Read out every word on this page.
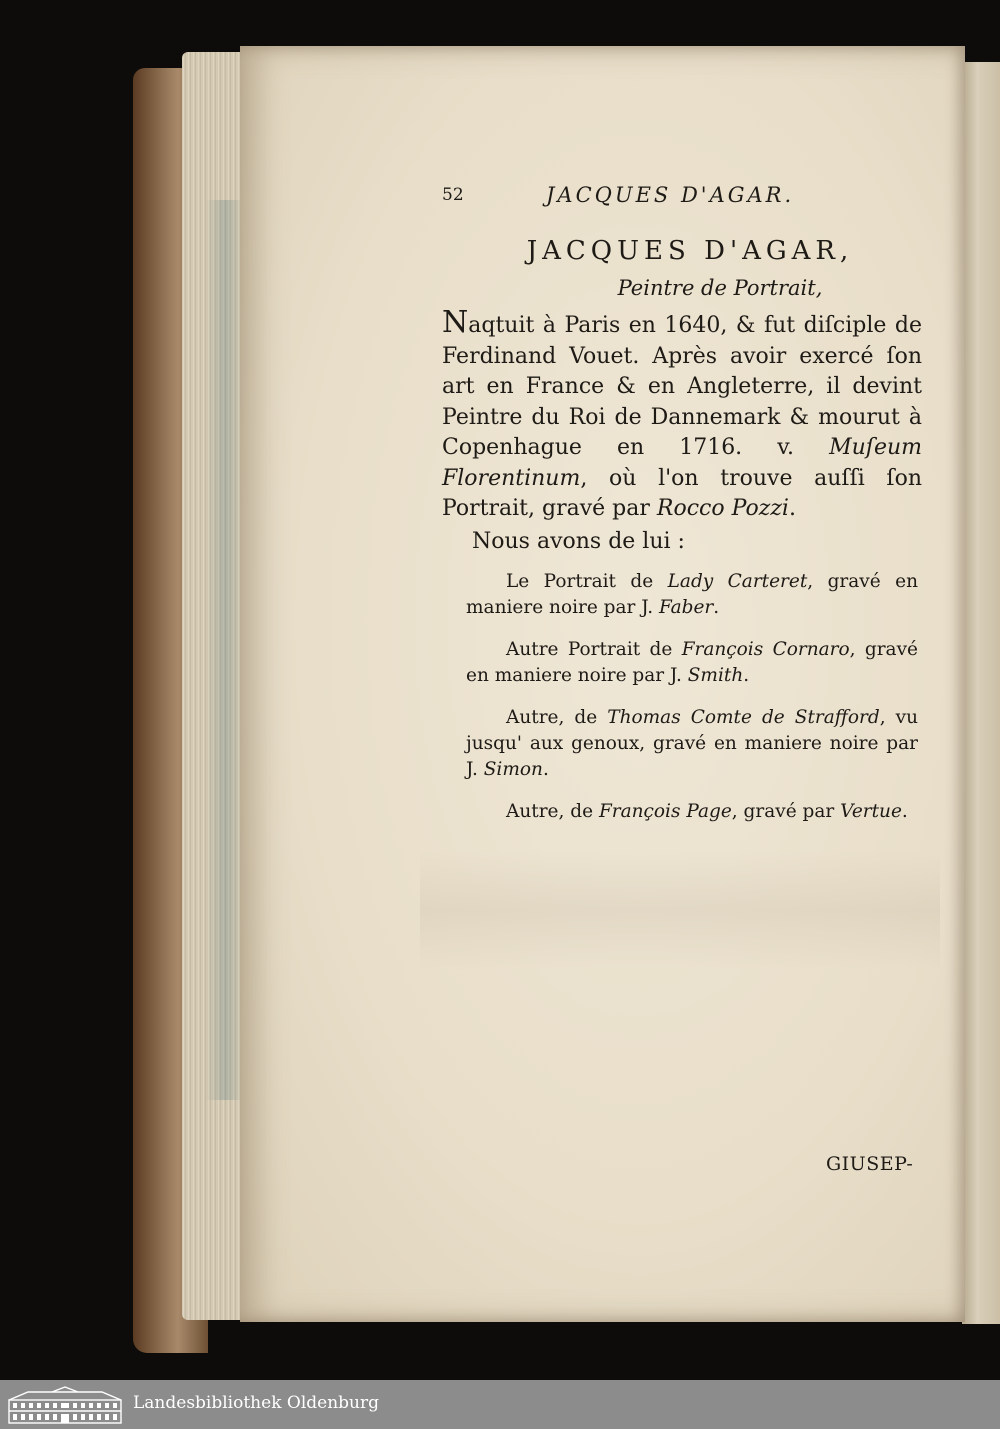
52	JACQUES D'AGAR.
JACQUES D'AGAR,
Peintre de Portrait,
Naqtuit à Paris en 1640, & fut diſciple de Ferdinand Vouet. Après avoir exercé ſon art en France & en Angleterre, il devint Peintre du Roi de Dannemark & mourut à Copenhague en 1716. v. Muſeum Florentinum, où l'on trouve auſſi ſon Portrait, gravé par Rocco Pozzi.
Nous avons de lui :
Le Portrait de Lady Carteret, gravé en maniere noire par J. Faber.
Autre Portrait de François Cornaro, gravé en maniere noire par J. Smith.
Autre, de Thomas Comte de Strafford, vu jusqu' aux genoux, gravé en maniere noire par J. Simon.
Autre, de François Page, gravé par Vertue.
GIUSEP-
Landesbibliothek Oldenburg
